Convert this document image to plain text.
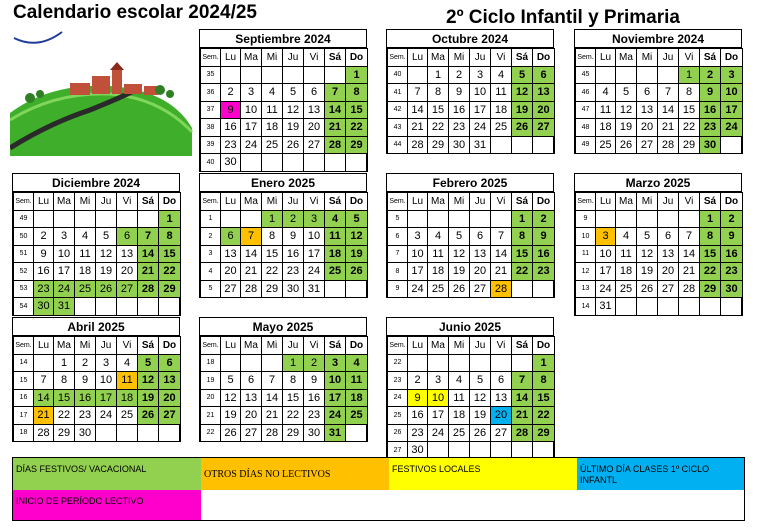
Calendario escolar 2024/25	2º Ciclo Infantil y Primaria
Septiembre 2024
Sem.	Lu	Ma	Mi	Ju	Vi	Sá	Do
35							1
36	2	3	4	5	6	7	8
37	9	10	11	12	13	14	15
38	16	17	18	19	20	21	22
39	23	24	25	26	27	28	29
40	30						
Octubre 2024
Sem.	Lu	Ma	Mi	Ju	Vi	Sá	Do
40		1	2	3	4	5	6
41	7	8	9	10	11	12	13
42	14	15	16	17	18	19	20
43	21	22	23	24	25	26	27
44	28	29	30	31			
Noviembre 2024
Sem.	Lu	Ma	Mi	Ju	Vi	Sá	Do
45					1	2	3
46	4	5	6	7	8	9	10
47	11	12	13	14	15	16	17
48	18	19	20	21	22	23	24
49	25	26	27	28	29	30	
Diciembre 2024
Sem.	Lu	Ma	Mi	Ju	Vi	Sá	Do
49							1
50	2	3	4	5	6	7	8
51	9	10	11	12	13	14	15
52	16	17	18	19	20	21	22
53	23	24	25	26	27	28	29
54	30	31					
Enero 2025
Sem.	Lu	Ma	Mi	Ju	Vi	Sá	Do
1			1	2	3	4	5
2	6	7	8	9	10	11	12
3	13	14	15	16	17	18	19
4	20	21	22	23	24	25	26
5	27	28	29	30	31		
Febrero 2025
Sem.	Lu	Ma	Mi	Ju	Vi	Sá	Do
5						1	2
6	3	4	5	6	7	8	9
7	10	11	12	13	14	15	16
8	17	18	19	20	21	22	23
9	24	25	26	27	28		
Marzo 2025
Sem.	Lu	Ma	Mi	Ju	Vi	Sá	Do
9						1	2
10	3	4	5	6	7	8	9
11	10	11	12	13	14	15	16
12	17	18	19	20	21	22	23
13	24	25	26	27	28	29	30
14	31						
Abril 2025
Sem.	Lu	Ma	Mi	Ju	Vi	Sá	Do
14		1	2	3	4	5	6
15	7	8	9	10	11	12	13
16	14	15	16	17	18	19	20
17	21	22	23	24	25	26	27
18	28	29	30				
Mayo 2025
Sem.	Lu	Ma	Mi	Ju	Vi	Sá	Do
18				1	2	3	4
19	5	6	7	8	9	10	11
20	12	13	14	15	16	17	18
21	19	20	21	22	23	24	25
22	26	27	28	29	30	31	
Junio 2025
Sem.	Lu	Ma	Mi	Ju	Vi	Sá	Do
22							1
23	2	3	4	5	6	7	8
24	9	10	11	12	13	14	15
25	16	17	18	19	20	21	22
26	23	24	25	26	27	28	29
27	30						
DÍAS FESTIVOS/ VACACIONAL	OTROS DÍAS NO LECTIVOS	FESTIVOS LOCALES	ÚLTIMO DÍA CLASES 1º CICLO INFANTL
INICIO DE PERÍODO LECTIVO
